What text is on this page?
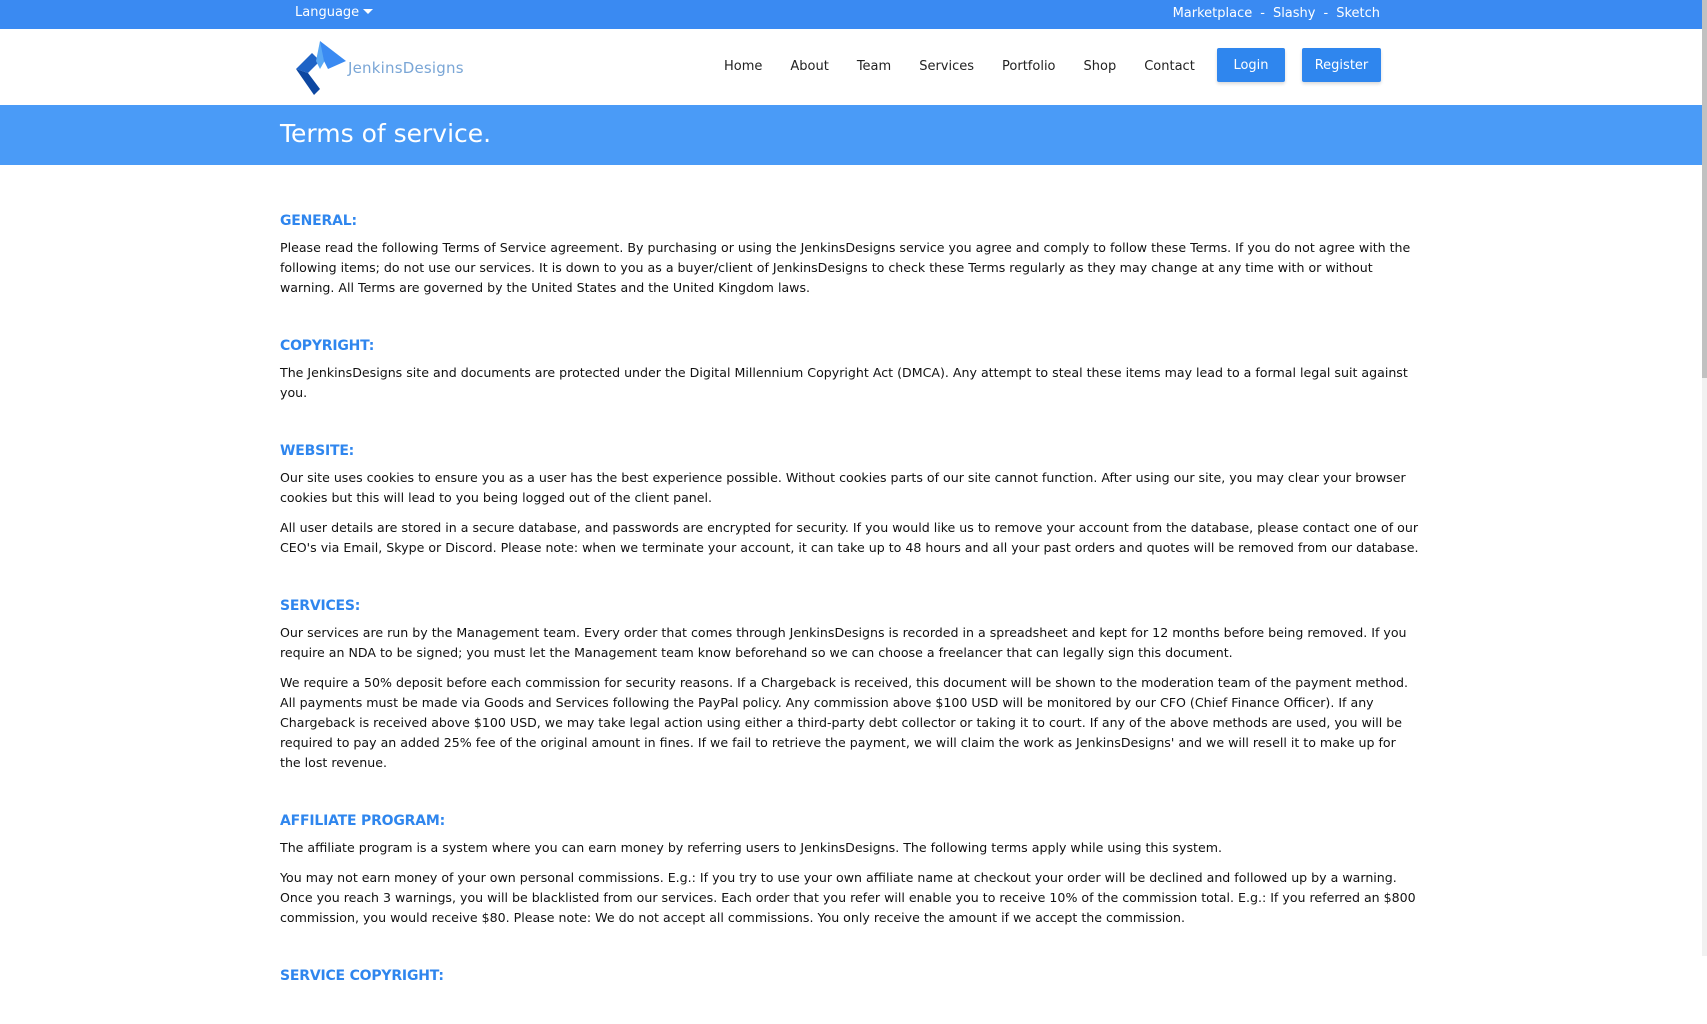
Language	Marketplace - Slashy - Sketch
JenkinsDesigns	Home About Team Services Portfolio Shop Contact	Login	Register
Terms of service.
GENERAL:

Please read the following Terms of Service agreement. By purchasing or using the JenkinsDesigns service you agree and comply to follow these Terms. If you do not agree with the following items; do not use our services. It is down to you as a buyer/client of JenkinsDesigns to check these Terms regularly as they may change at any time with or without warning. All Terms are governed by the United States and the United Kingdom laws.

COPYRIGHT:

The JenkinsDesigns site and documents are protected under the Digital Millennium Copyright Act (DMCA). Any attempt to steal these items may lead to a formal legal suit against you.

WEBSITE:

Our site uses cookies to ensure you as a user has the best experience possible. Without cookies parts of our site cannot function. After using our site, you may clear your browser cookies but this will lead to you being logged out of the client panel.

All user details are stored in a secure database, and passwords are encrypted for security. If you would like us to remove your account from the database, please contact one of our CEO's via Email, Skype or Discord. Please note: when we terminate your account, it can take up to 48 hours and all your past orders and quotes will be removed from our database.

SERVICES:

Our services are run by the Management team. Every order that comes through JenkinsDesigns is recorded in a spreadsheet and kept for 12 months before being removed. If you require an NDA to be signed; you must let the Management team know beforehand so we can choose a freelancer that can legally sign this document.

We require a 50% deposit before each commission for security reasons. If a Chargeback is received, this document will be shown to the moderation team of the payment method. All payments must be made via Goods and Services following the PayPal policy. Any commission above $100 USD will be monitored by our CFO (Chief Finance Officer). If any Chargeback is received above $100 USD, we may take legal action using either a third-party debt collector or taking it to court. If any of the above methods are used, you will be required to pay an added 25% fee of the original amount in fines. If we fail to retrieve the payment, we will claim the work as JenkinsDesigns' and we will resell it to make up for the lost revenue.

AFFILIATE PROGRAM:

The affiliate program is a system where you can earn money by referring users to JenkinsDesigns. The following terms apply while using this system.

You may not earn money of your own personal commissions. E.g.: If you try to use your own affiliate name at checkout your order will be declined and followed up by a warning. Once you reach 3 warnings, you will be blacklisted from our services. Each order that you refer will enable you to receive 10% of the commission total. E.g.: If you referred an $800 commission, you would receive $80. Please note: We do not accept all commissions. You only receive the amount if we accept the commission.

SERVICE COPYRIGHT:
